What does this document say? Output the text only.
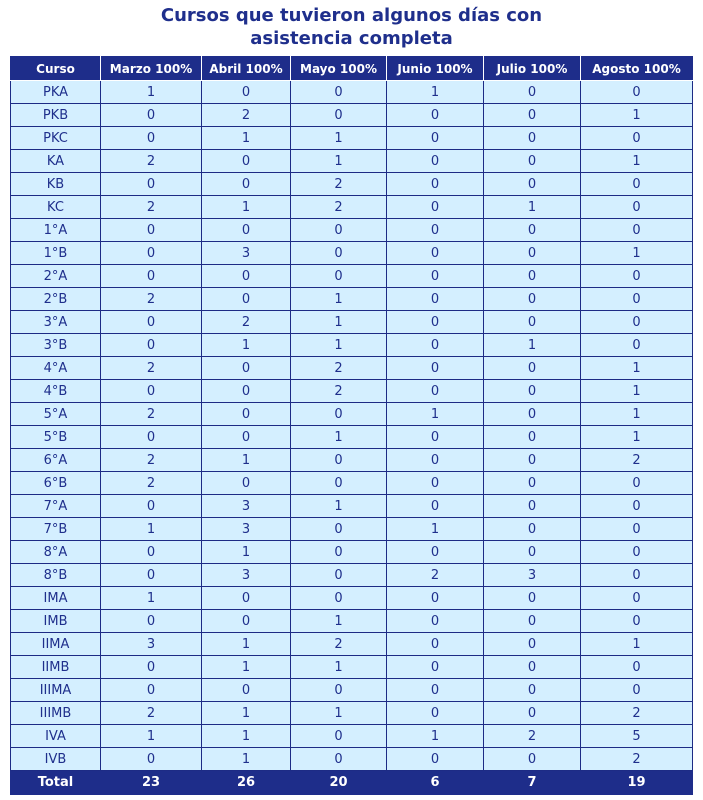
Cursos que tuvieron algunos días con
asistencia completa
Curso	Marzo 100%	Abril 100%	Mayo 100%	Junio 100%	Julio 100%	Agosto 100%
PKA	1	0	0	1	0	0
PKB	0	2	0	0	0	1
PKC	0	1	1	0	0	0
KA	2	0	1	0	0	1
KB	0	0	2	0	0	0
KC	2	1	2	0	1	0
1°A	0	0	0	0	0	0
1°B	0	3	0	0	0	1
2°A	0	0	0	0	0	0
2°B	2	0	1	0	0	0
3°A	0	2	1	0	0	0
3°B	0	1	1	0	1	0
4°A	2	0	2	0	0	1
4°B	0	0	2	0	0	1
5°A	2	0	0	1	0	1
5°B	0	0	1	0	0	1
6°A	2	1	0	0	0	2
6°B	2	0	0	0	0	0
7°A	0	3	1	0	0	0
7°B	1	3	0	1	0	0
8°A	0	1	0	0	0	0
8°B	0	3	0	2	3	0
IMA	1	0	0	0	0	0
IMB	0	0	1	0	0	0
IIMA	3	1	2	0	0	1
IIMB	0	1	1	0	0	0
IIIMA	0	0	0	0	0	0
IIIMB	2	1	1	0	0	2
IVA	1	1	0	1	2	5
IVB	0	1	0	0	0	2
Total	23	26	20	6	7	19
